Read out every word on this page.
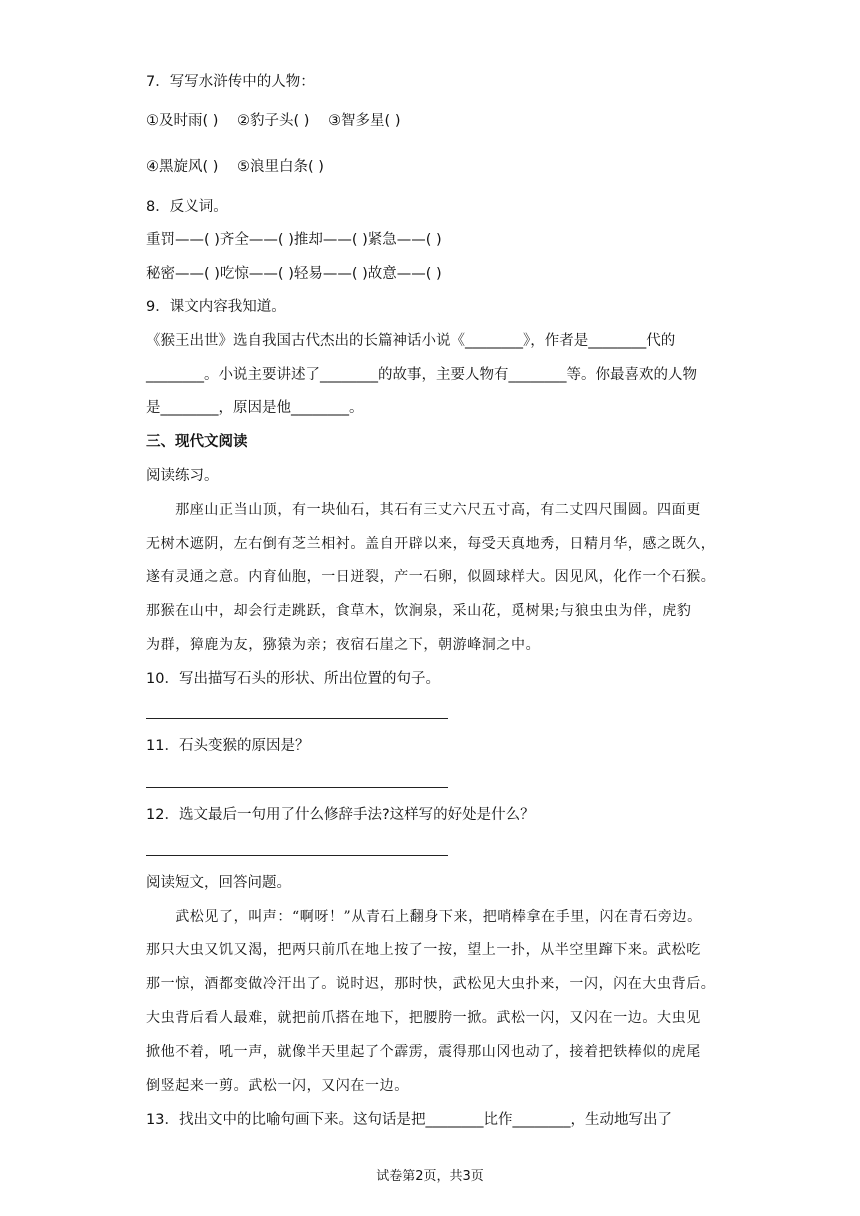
7．写写水浒传中的人物：
①及时雨( ) ②豹子头( ) ③智多星( )
④黑旋风( ) ⑤浪里白条( )
8．反义词。
重罚——( )齐全——( )推却——( )紧急——( )
秘密——( )吃惊——( )轻易——( )故意——( )
9．课文内容我知道。
《猴王出世》选自我国古代杰出的长篇神话小说《________》，作者是________代的
________。小说主要讲述了________的故事，主要人物有________等。你最喜欢的人物
是________，原因是他________。
三、现代文阅读
阅读练习。
　　那座山正当山顶，有一块仙石，其石有三丈六尺五寸高，有二丈四尺围圆。四面更
无树木遮阴，左右倒有芝兰相衬。盖自开辟以来，每受天真地秀，日精月华，感之既久，
遂有灵通之意。内育仙胞，一日迸裂，产一石卵，似圆球样大。因见风，化作一个石猴。
那猴在山中，却会行走跳跃，食草木，饮涧泉，采山花，觅树果;与狼虫虫为伴，虎豹
为群，獐鹿为友，猕猿为亲；夜宿石崖之下，朝游峰洞之中。
10．写出描写石头的形状、所出位置的句子。
11．石头变猴的原因是？
12．选文最后一句用了什么修辞手法?这样写的好处是什么？
阅读短文，回答问题。
　　武松见了，叫声：“啊呀！”从青石上翻身下来，把哨棒拿在手里，闪在青石旁边。
那只大虫又饥又渴，把两只前爪在地上按了一按，望上一扑，从半空里蹿下来。武松吃
那一惊，酒都变做冷汗出了。说时迟，那时快，武松见大虫扑来，一闪，闪在大虫背后。
大虫背后看人最难，就把前爪搭在地下，把腰胯一掀。武松一闪，又闪在一边。大虫见
掀他不着，吼一声，就像半天里起了个霹雳，震得那山冈也动了，接着把铁棒似的虎尾
倒竖起来一剪。武松一闪，又闪在一边。
13．找出文中的比喻句画下来。这句话是把________比作________，生动地写出了
试卷第2页，共3页
